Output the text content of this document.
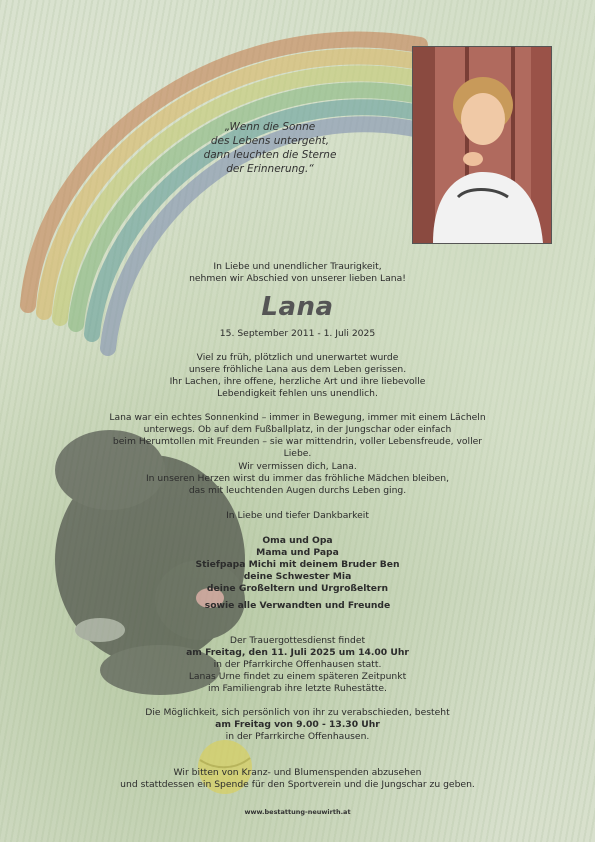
„Wenn die Sonne
des Lebens untergeht,
dann leuchten die Sterne
der Erinnerung.“
In Liebe und unendlicher Traurigkeit,
nehmen wir Abschied von unserer lieben Lana!
Lana
15. September 2011 - 1. Juli 2025
Viel zu früh, plötzlich und unerwartet wurde
unsere fröhliche Lana aus dem Leben gerissen.
Ihr Lachen, ihre offene, herzliche Art und ihre liebevolle
Lebendigkeit fehlen uns unendlich.
Lana war ein echtes Sonnenkind – immer in Bewegung, immer mit einem Lächeln
unterwegs. Ob auf dem Fußballplatz, in der Jungschar oder einfach
beim Herumtollen mit Freunden – sie war mittendrin, voller Lebensfreude, voller Liebe.
Wir vermissen dich, Lana.
In unseren Herzen wirst du immer das fröhliche Mädchen bleiben,
das mit leuchtenden Augen durchs Leben ging.
In Liebe und tiefer Dankbarkeit
Oma und Opa
Mama und Papa
Stiefpapa Michi mit deinem Bruder Ben
deine Schwester Mia
deine Großeltern und Urgroßeltern
sowie alle Verwandten und Freunde
Der Trauergottesdienst findet
am Freitag, den 11. Juli 2025 um 14.00 Uhr
in der Pfarrkirche Offenhausen statt.
Lanas Urne findet zu einem späteren Zeitpunkt
im Familiengrab ihre letzte Ruhestätte.
Die Möglichkeit, sich persönlich von ihr zu verabschieden, besteht
am Freitag von 9.00 - 13.30 Uhr
in der Pfarrkirche Offenhausen.
Wir bitten von Kranz- und Blumenspenden abzusehen
und stattdessen ein Spende für den Sportverein und die Jungschar zu geben.
www.bestattung-neuwirth.at
